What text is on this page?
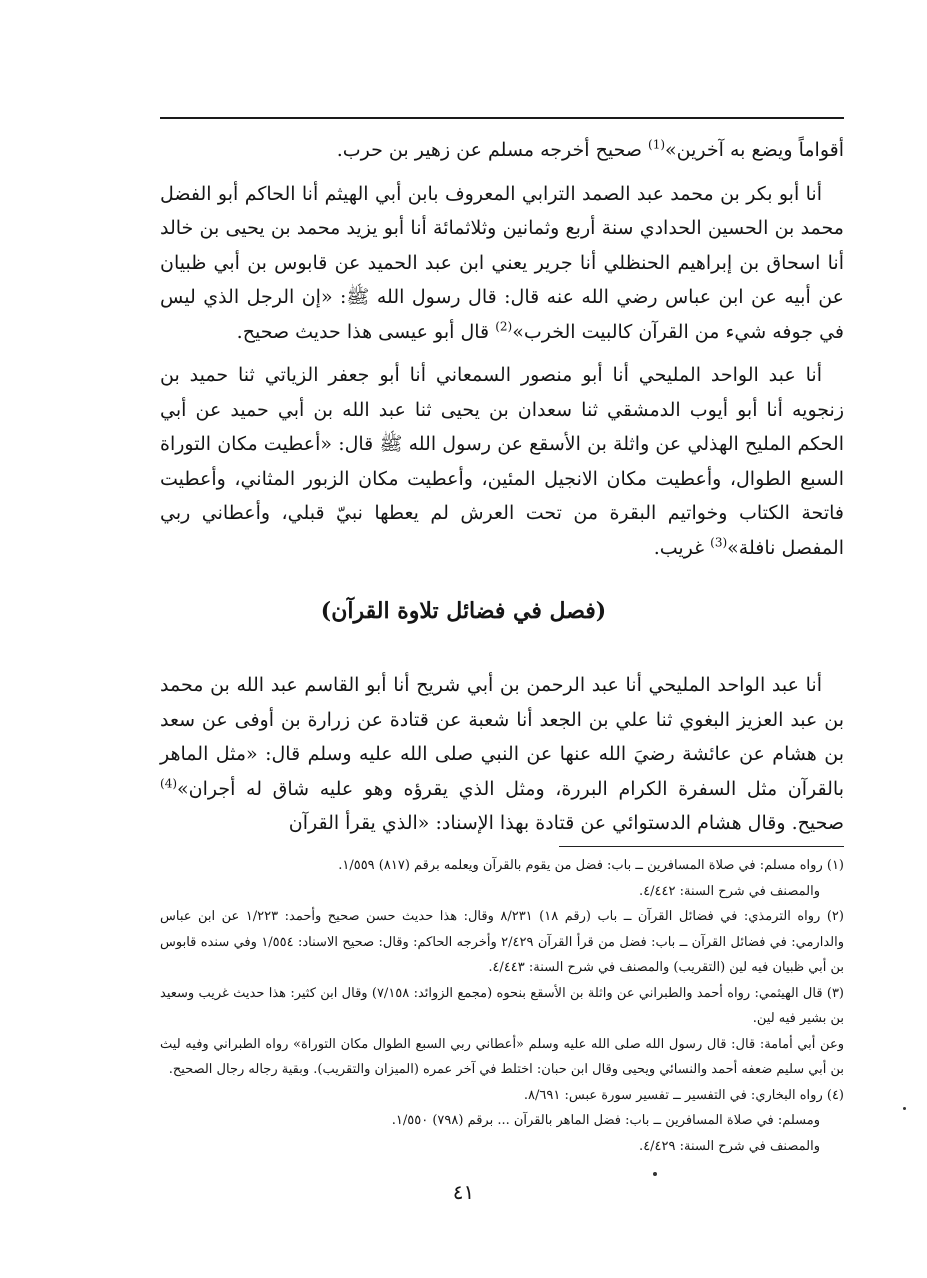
أقواماً ويضع به آخرين»$^{(1)}$ صحيح أخرجه مسلم عن زهير بن حرب.

أنا أبو بكر بن محمد عبد الصمد الترابي المعروف بابن أبي الهيثم أنا الحاكم أبو الفضل محمد بن الحسين الحدادي سنة أربع وثمانين وثلاثمائة أنا أبو يزيد محمد بن يحيى بن خالد أنا اسحاق بن إبراهيم الحنظلي أنا جرير يعني ابن عبد الحميد عن قابوس بن أبي ظبيان عن أبيه عن ابن عباس رضي الله عنه قال: قال رسول الله ﷺ: «إن الرجل الذي ليس في جوفه شيء من القرآن كالبيت الخرب»$^{(2)}$ قال أبو عيسى هذا حديث صحيح.

أنا عبد الواحد المليحي أنا أبو منصور السمعاني أنا أبو جعفر الزياتي ثنا حميد بن زنجويه أنا أبو أيوب الدمشقي ثنا سعدان بن يحيى ثنا عبد الله بن أبي حميد عن أبي الحكم المليح الهذلي عن واثلة بن الأسقع عن رسول الله ﷺ قال: «أعطيت مكان التوراة السبع الطوال، وأعطيت مكان الانجيل المئين، وأعطيت مكان الزبور المثاني، وأعطيت فاتحة الكتاب وخواتيم البقرة من تحت العرش لم يعطها نبيّ قبلي، وأعطاني ربي المفصل نافلة»$^{(3)}$ غريب.

(فصل في فضائل تلاوة القرآن)

أنا عبد الواحد المليحي أنا عبد الرحمن بن أبي شريح أنا أبو القاسم عبد الله بن محمد بن عبد العزيز البغوي ثنا علي بن الجعد أنا شعبة عن قتادة عن زرارة بن أوفى عن سعد بن هشام عن عائشة رضيَ الله عنها عن النبي صلى الله عليه وسلم قال: «مثل الماهر بالقرآن مثل السفرة الكرام البررة، ومثل الذي يقرؤه وهو عليه شاق له أجران»$^{(4)}$ صحيح. وقال هشام الدستوائي عن قتادة بهذا الإسناد: «الذي يقرأ القرآن

(١) رواه مسلم: في صلاة المسافرين ــ باب: فضل من يقوم بالقرآن ويعلمه برقم (٨١٧) ١/٥٥٩.

والمصنف في شرح السنة: ٤/٤٤٢.

(٢) رواه الترمذي: في فضائل القرآن ــ باب (رقم ١٨) ٨/٢٣١ وقال: هذا حديث حسن صحيح وأحمد: ١/٢٢٣ عن ابن عباس والدارمي: في فضائل القرآن ــ باب: فضل من قرأ القرآن ٢/٤٢٩ وأخرجه الحاكم: وقال: صحيح الاسناد: ١/٥٥٤ وفي سنده قابوس بن أبي ظبيان فيه لين (التقريب) والمصنف في شرح السنة: ٤/٤٤٣.

(٣) قال الهيثمي: رواه أحمد والطبراني عن واثلة بن الأسقع بنحوه (مجمع الزوائد: ٧/١٥٨) وقال ابن كثير: هذا حديث غريب وسعيد بن بشير فيه لين.

وعن أبي أمامة: قال: قال رسول الله صلى الله عليه وسلم «أعطاني ربي السبع الطوال مكان التوراة» رواه الطبراني وفيه ليث بن أبي سليم ضعفه أحمد والنسائي ويحيى وقال ابن حبان: اختلط في آخر عمره (الميزان والتقريب). وبقية رجاله رجال الصحيح.

(٤) رواه البخاري: في التفسير ــ تفسير سورة عبس: ٨/٦٩١.

ومسلم: في صلاة المسافرين ــ باب: فضل الماهر بالقرآن ... برقم (٧٩٨) ١/٥٥٠.

والمصنف في شرح السنة: ٤/٤٢٩.

٤١
